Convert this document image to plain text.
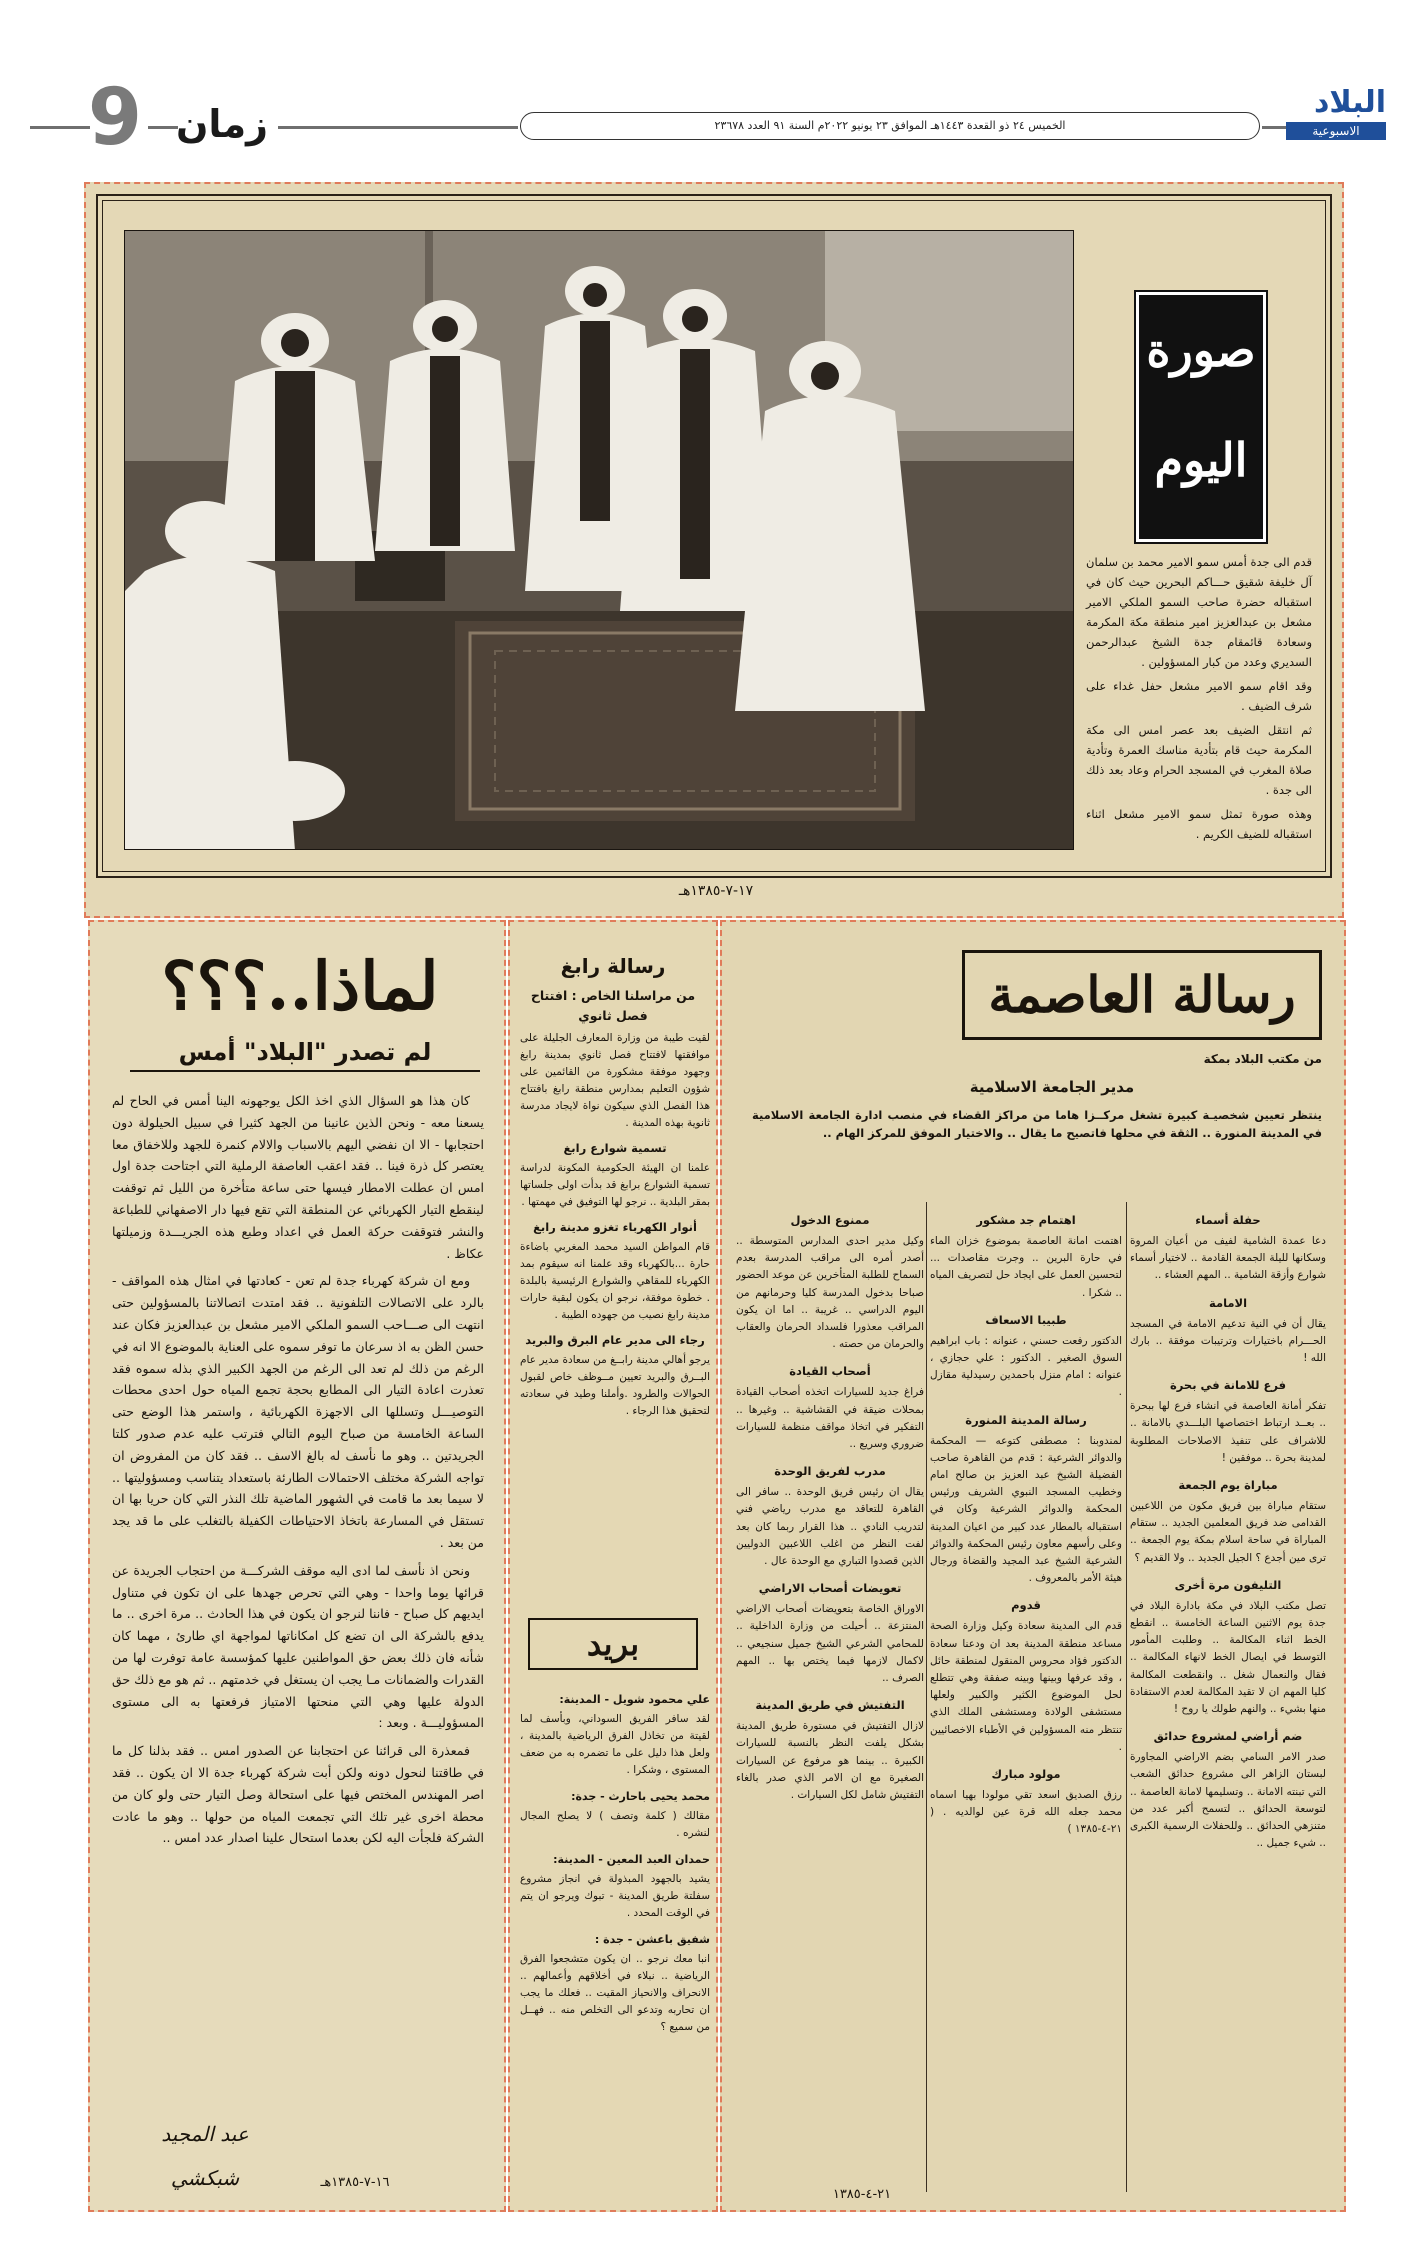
9 زمان	الخميس ٢٤ ذو القعدة ١٤٤٣هـ الموافق ٢٣ يونيو ٢٠٢٢م السنة ٩١ العدد ٢٣٦٧٨
البلاد
الاسبوعية
صورة اليوم

قدم الى جدة أمس سمو الامير محمد بن سلمان آل خليفة شقيق حـــاكم البحرين حيث كان في استقباله حضرة صاحب السمو الملكي الامير مشعل بن عبدالعزيز امير منطقة مكة المكرمة وسعادة قائمقام جدة الشيخ عبدالرحمن السديري وعدد من كبار المسؤولين .

وقد اقام سمو الامير مشعل حفل غداء على شرف الضيف .

ثم انتقل الضيف بعد عصر امس الى مكة المكرمة حيث قام بتأدية مناسك العمرة وتأدية صلاة المغرب في المسجد الحرام وعاد بعد ذلك الى جدة .

وهذه صورة تمثل سمو الامير مشعل اثناء استقباله للضيف الكريم .

١٧-٧-١٣٨٥هـ
لماذا..؟؟؟
لم تصدر "البلاد" أمس

كان هذا هو السؤال الذي اخذ الكل يوجهونه الينا أمس في الحاح لم يسعنا معه - ونحن الذين عانينا من الجهد كثيرا في سبيل الحيلولة دون احتجابها - الا ان نفضي اليهم بالاسباب والالام كنمرة للجهد وللاخفاق معا يعتصر كل ذرة فينا .. فقد اعقب العاصفة الرملية التي اجتاحت جدة اول امس ان عطلت الامطار فيسها حتى ساعة متأخرة من الليل ثم توقفت لينقطع التيار الكهربائي عن المنطقة التي تقع فيها دار الاصفهاني للطباعة والنشر فتوقفت حركة العمل في اعداد وطبع هذه الجريـــدة وزميلتها عكاظ .

ومع ان شركة كهرباء جدة لم تعن - كعادتها في امثال هذه المواقف - بالرد على الاتصالات التلفونية .. فقد امتدت اتصالاتنا بالمسؤولين حتى انتهت الى صـــاحب السمو الملكي الامير مشعل بن عبدالعزيز فكان عند حسن الظن به اذ سرعان ما توفر سموه على العناية بالموضوع الا انه في الرغم من ذلك لم تعد الى الرغم من الجهد الكبير الذي بذله سموه فقد تعذرت اعادة التيار الى المطابع بحجة تجمع المياه حول احدى محطات التوصيـــل وتسللها الى الاجهزة الكهربائية ، واستمر هذا الوضع حتى الساعة الخامسة من صباح اليوم التالي فترتب عليه عدم صدور كلتا الجريدتين .. وهو ما نأسف له بالغ الاسف .. فقد كان من المفروض ان تواجه الشركة مختلف الاحتمالات الطارئة باستعداد يتناسب ومسؤوليتها .. لا سيما بعد ما قامت في الشهور الماضية تلك النذر التي كان حريا بها ان تستقل في المسارعة باتخاذ الاحتياطات الكفيلة بالتغلب على ما قد يجد من بعد .

ونحن اذ نأسف لما ادى اليه موقف الشركـــة من احتجاب الجريدة عن قرائها يوما واحدا - وهي التي تحرص جهدها على ان تكون في متناول ايديهم كل صباح - فاننا لنرجو ان يكون في هذا الحادث .. مرة اخرى .. ما يدفع بالشركة الى ان تضع كل امكاناتها لمواجهة اي طارئ ، مهما كان شأنه فان ذلك بعض حق المواطنين عليها كمؤسسة عامة توفرت لها من القدرات والضمانات مـا يجب ان يستغل في خدمتهم .. ثم هو مع ذلك حق الدولة عليها وهي التي منحتها الامتياز فرفعتها به الى مستوى المسؤوليـــة . وبعد :

فمعذرة الى قرائنا عن احتجابنا عن الصدور امس .. فقد بذلنا كل ما في طاقتنا لنحول دونه ولكن أبت شركة كهرباء جدة الا ان يكون .. فقد اصر المهندس المختص فيها على استحالة وصل التيار حتى ولو كان من محطة اخرى غير تلك التي تجمعت المياه من حولها .. وهو ما عادت الشركة فلجأت اليه لكن بعدما استحال علينا اصدار عدد امس ..

عبد المجيد شبكشي	١٦-٧-١٣٨٥هـ
رسالة رابغ
من مراسلنا الخاص : افتتاح فصل ثانوي

لقيت طيبة من وزارة المعارف الجليلة على موافقتها لافتتاح فصل ثانوي بمدينة رابغ وجهود موفقة مشكورة من القائمين على شؤون التعليم بمدارس منطقة رابغ بافتتاح هذا الفصل الذي سيكون نواة لايجاد مدرسة ثانوية بهذه المدينة .

تسمية شوارع رابغ

علمنا ان الهيئة الحكومية المكونة لدراسة تسمية الشوارع برابغ قد بدأت اولى جلساتها بمقر البلدية .. نرجو لها التوفيق في مهمتها .

أنوار الكهرباء تغزو مدينة رابغ

قام المواطن السيد محمد المغربي باضاءة حارة ...بالكهرباء وقد علمنا انه سيقوم بمد الكهرباء للمقاهي والشوارع الرئيسية بالبلدة . خطوة موفقة، نرجو ان يكون لبقية حارات مدينة رابغ نصيب من جهوده الطيبة .

رجاء الى مدير عام البرق والبريد

يرجو أهالي مدينة رابــغ من سعادة مدير عام البــرق والبريد تعيين مــوظف خاص لقبول الحوالات والطرود .وأملنا وطيد في سعادته لتحقيق هذا الرجاء .

بريد
علي محمود شويل - المدينة:

لقد سافر الفريق السوداني، وبأسف لما لقيتة من تخاذل الفرق الرياضية بالمدينة ، ولعل هذا دليل على ما تضمره به من ضعف المستوى ، وشكرا .

محمد يحيى باحارث - جدة:

مقالك ( كلمة وتصف ) لا يصلح المجال لنشره .

حمدان العبد المعين - المدينة:

يشيد بالجهود المبذولة في انجاز مشروع سفلتة طريق المدينة - تبوك ويرجو ان يتم في الوقت المحدد .

شفيق باعشن - جدة :

انبا معك نرجو .. ان يكون متشجعوا الفرق الرياضية .. نبلاء في أخلاقهم وأعمالهم .. الانحراف والانحياز المقيت .. فعلك ما يجب ان تحاربه وتدعو الى التخلص منه .. فهــل من سميع ؟

رسالة العاصمة
من مكتب البلاد بمكة
مدير الجامعة الاسلامية
ينتظر تعيين شخصيـة كبيرة تشغل مركــزا هاما من مراكز القضاء في منصب ادارة الجامعة الاسلامية في المدينة المنورة .. الثقة في محلها فاتصيح ما يقال .. والاختيار الموفق للمركز الهام ..
حفلة أسماء

دعا عمدة الشامية لفيف من أعيان المروة وسكانها لليلة الجمعة القادمة .. لاختيار أسماء شوارع وأزقة الشامية .. المهم العشاء ..

الامامة

يقال أن في النية تدعيم الامامة في المسجد الحـــرام باختيارات وترتيبات موفقة .. بارك الله !

فرع للامانة في بحرة

تفكر أمانة العاصمة في انشاء فرع لها ببحرة .. بعــد ارتباط اختصاصها البلـــدي بالامانة .. للاشراف على تنفيذ الاصلاحات المطلوبة لمدينة بحرة .. موفقين !

مباراة يوم الجمعة

ستقام مباراة بين فريق مكون من اللاعبين القدامى ضد فريق المعلمين الجديد .. ستقام المباراة في ساحة اسلام بمكة يوم الجمعة .. ترى مين أجدع ؟ الجيل الجديد .. ولا القديم ؟

التليفون مرة أخرى

تصل مكتب البلاد في مكة بادارة البلاد في جدة يوم الاثنين الساعة الخامسة .. انقطع الخط اثناء المكالمة .. وطلبت المأمور التوسط في ايصال الخط لانهاء المكالمة .. فقال والنعمال شغل .. وانقطعت المكالمة كليا المهم ان لا تقيد المكالمة لعدم الاستفادة منها بشيء .. والنهم طولك يا روح !

ضم أراضي لمشروع حدائق

صدر الامر السامي بضم الاراضي المجاورة لبستان الزاهر الى مشروع حدائق الشعب التي تبنته الامانة .. وتسليمها لامانة العاصمة .. لتوسعة الحدائق .. لتسمح أكبر عدد من متنزهي الحدائق .. وللحفلات الرسمية الكبرى .. شيء جميل ..

اهتمام جد مشكور

اهتمت امانة العاصمة بموضوع خزان الماء في حارة البرين .. وجرت مقاصدات ... لتحسين العمل على ايجاد حل لتصريف المياه .. شكرا .

طبيبا الاسعاف

الدكتور رفعت حسني ، عنوانه : باب ابراهيم السوق الصغير . الدكتور : علي حجازي ، عنوانه : امام منزل باحمدين رسيدلية مقازل .

رسالة المدينة المنورة

لمندوبنا : مصطفى كتوعه — المحكمة والدوائر الشرعية : قدم من القاهرة صاحب الفضيلة الشيخ عبد العزيز بن صالح امام وخطيب المسجد النبوي الشريف ورئيس المحكمة والدوائر الشرعية وكان في استقباله بالمطار عدد كبير من اعيان المدينة وعلى رأسهم معاون رئيس المحكمة والدوائر الشرعية الشيخ عبد المجيد والقضاة ورجال هيئة الأمر بالمعروف .

قدوم

قدم الى المدينة سعادة وكيل وزارة الصحة مساعد منطقة المدينة بعد ان ودعنا سعادة الدكتور فؤاد محروس المنقول لمنطقة حائل ، وقد عرفها وبينها وبينه صفقة وهي تتطلع لحل الموضوع الكثير والكبير ولعلها مستشفى الولادة ومستشفى الملك الذي تنتظر منه المسؤولين في الأطباء الاخصائيين .

مولود مبارك

رزق الصديق اسعد تقي مولودا بهيا اسماه محمد جعله الله قرة عين لوالديه . ( ٢١-٤-١٣٨٥ )

ممنوع الدخول

وكيل مدير احدى المدارس المتوسطة .. أصدر أمره الى مراقب المدرسة بعدم السماح للطلبة المتأخرين عن موعد الحضور صباحا بدخول المدرسة كليا وحرمانهم من اليوم الدراسي .. غريبة .. اما ان يكون المراقب معذورا فلسداد الحرمان والعقاب والحرمان من حصته .

أصحاب القيادة

فراغ جديد للسيارات اتخذه أصحاب القيادة بمحلات ضيقة في القشاشية .. وغيرها .. التفكير في اتخاذ مواقف منظمة للسيارات ضروري وسريع ..

مدرب لفريق الوحدة

يقال ان رئيس فريق الوحدة .. سافر الى القاهرة للتعاقد مع مدرب رياضي فني لتدريب النادي .. هذا القرار ربما كان بعد لفت النظر من اغلب اللاعبين الدوليين الذين قصدوا التباري مع الوحدة عال .

تعويضات أصحاب الاراضي

الاوراق الخاصة بتعويضات أصحاب الاراضي المنتزعة .. أحيلت من وزارة الداخلية .. للمحامي الشرعي الشيخ جميل سنجيعي .. لاكمال لازمها فيما يختص بها .. المهم الصرف ..

التفتيش في طريق المدينة

لازال التفتيش في مستورة طريق المدينة بشكل يلفت النظر بالنسبة للسيارات الكبيرة .. بينما هو مرفوع عن السيارات الصغيرة مع ان الامر الذي صدر بالغاء التفتيش شامل لكل السيارات .

٢١-٤-١٣٨٥
